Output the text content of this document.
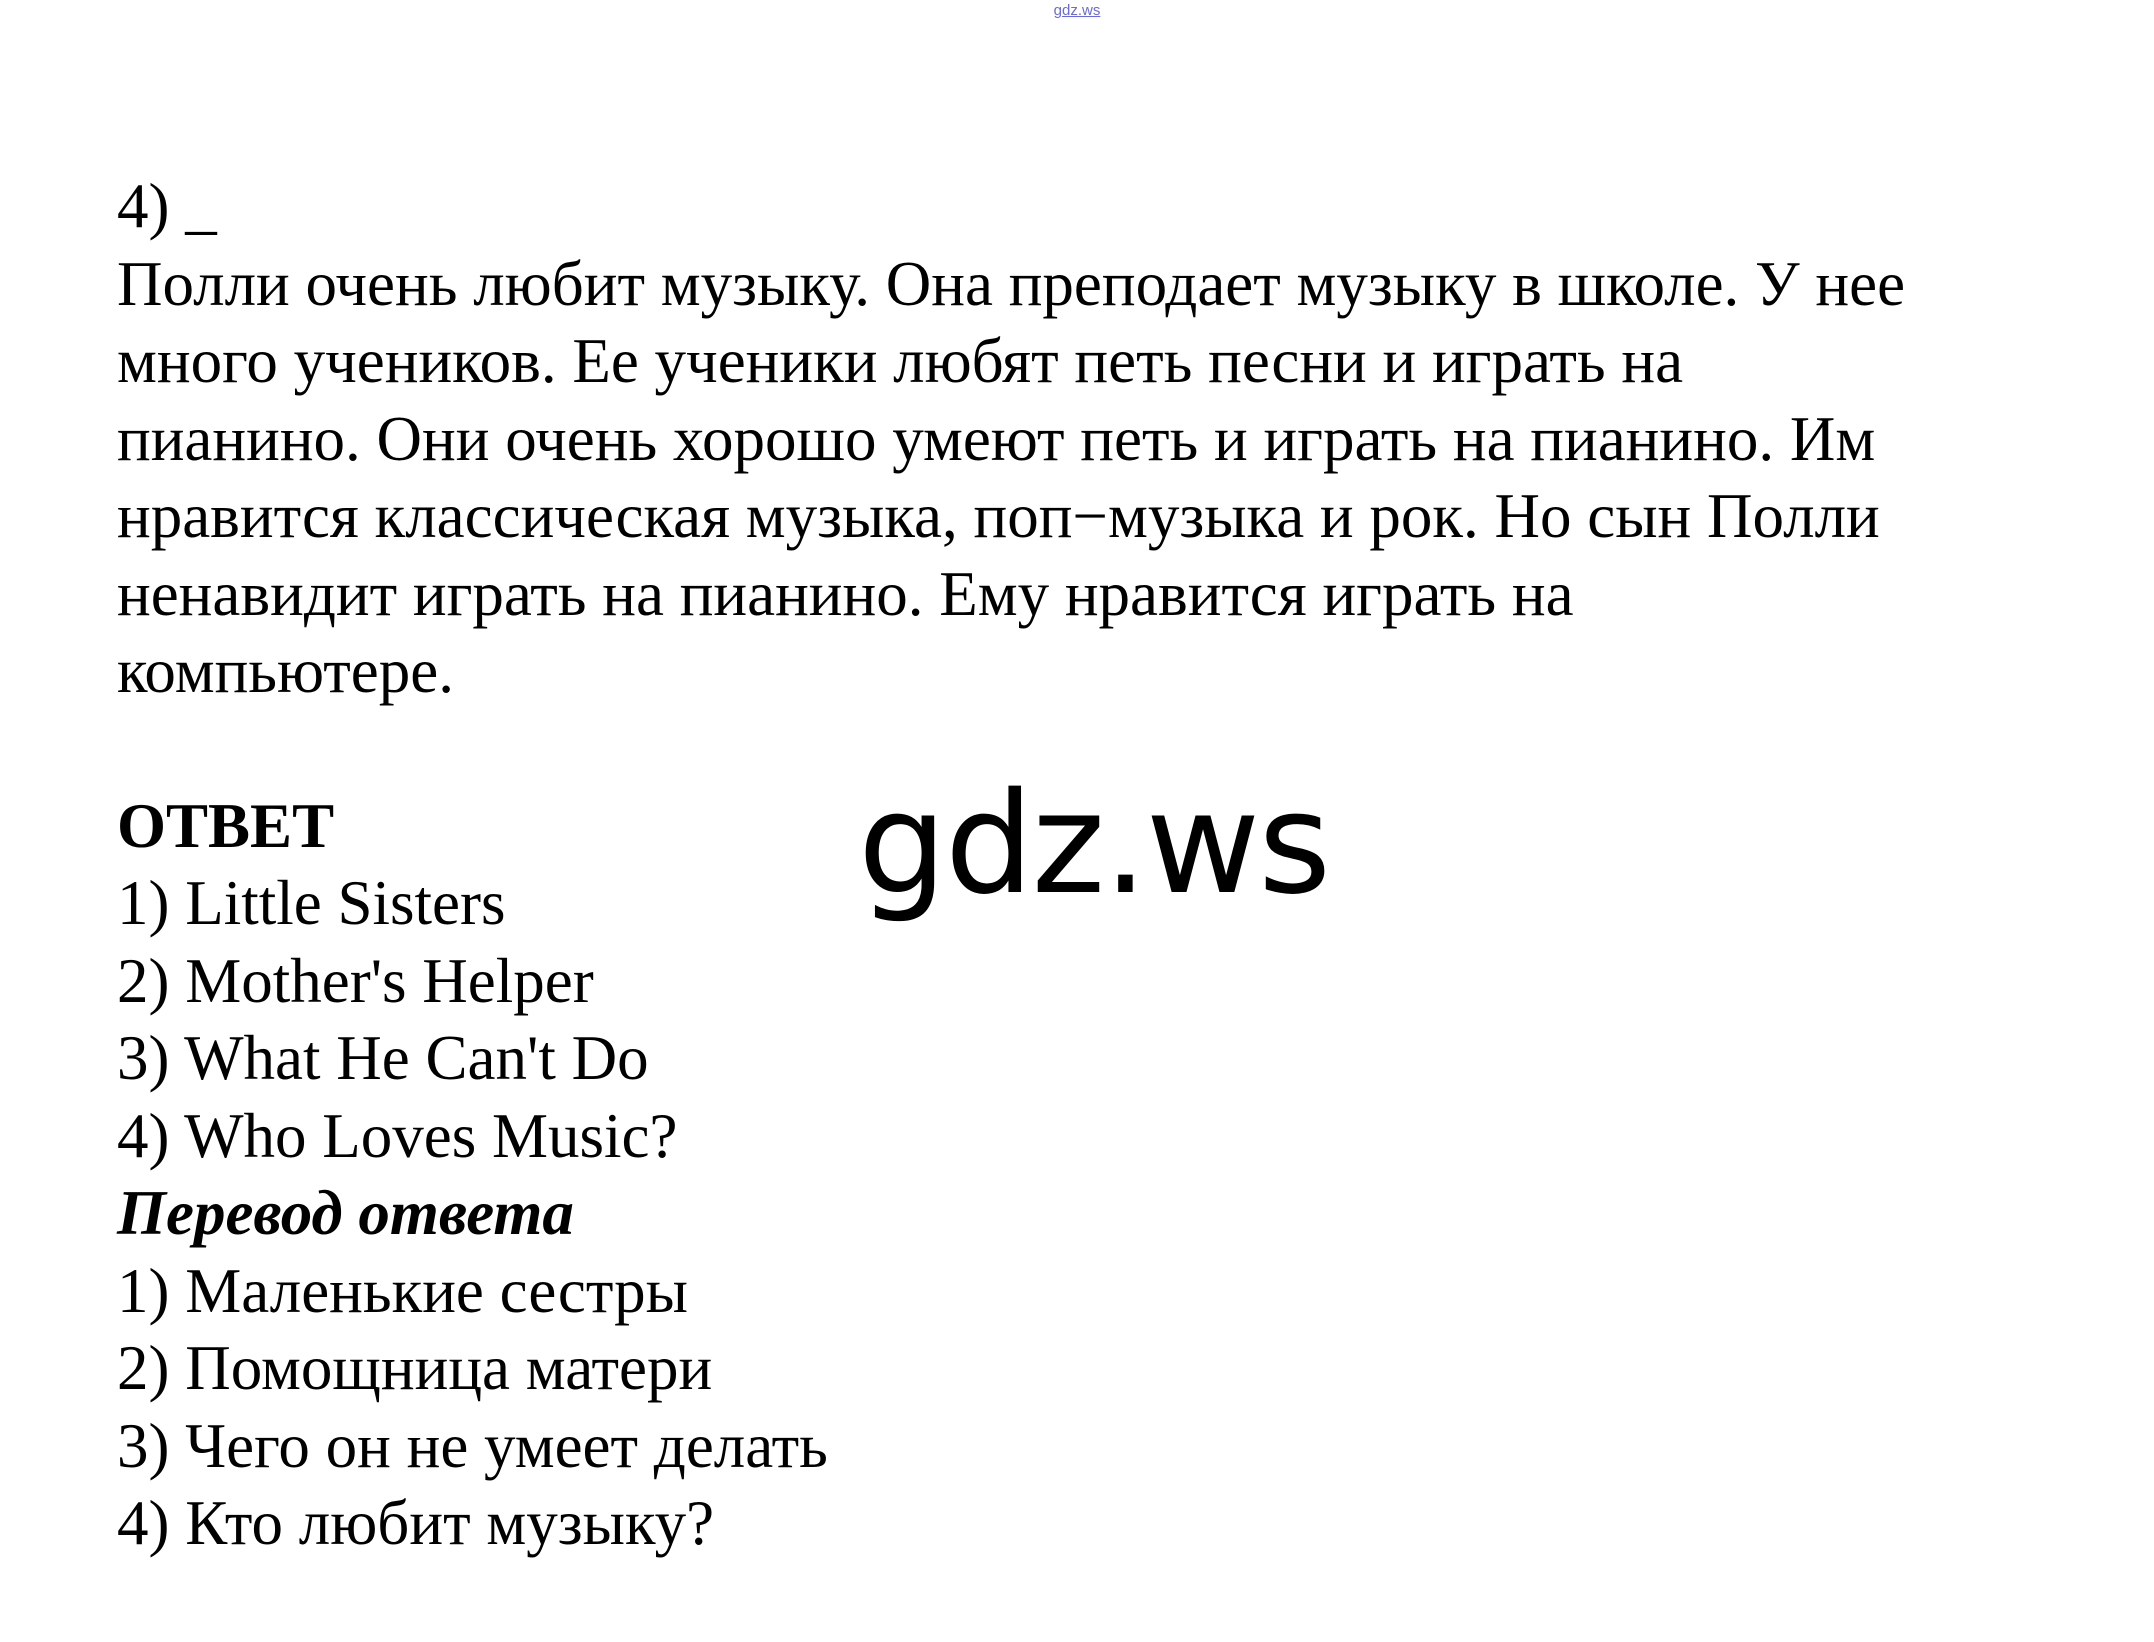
gdz.ws
4) _
Полли очень любит музыку. Она преподает музыку в школе. У нее
много учеников. Ее ученики любят петь песни и играть на
пианино. Они очень хорошо умеют петь и играть на пианино. Им
нравится классическая музыка, поп−музыка и рок. Но сын Полли
ненавидит играть на пианино. Ему нравится играть на
компьютере.
ОТВЕТ
1) Little Sisters
2) Mother's Helper
3) What He Can't Do
4) Who Loves Music?
Перевод ответа
1) Маленькие сестры
2) Помощница матери
3) Чего он не умеет делать
4) Кто любит музыку?
gdz.ws
